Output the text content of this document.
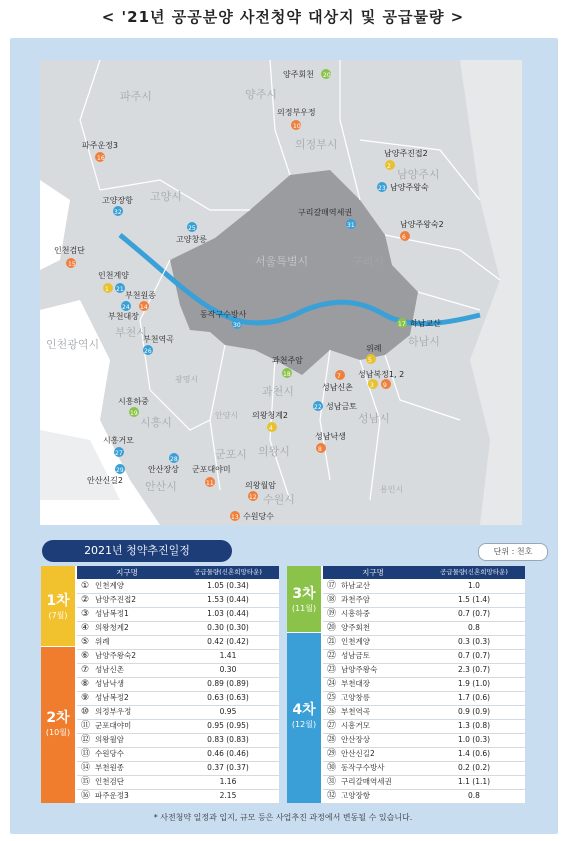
< '21년 공공분양 사전청약 대상지 및 공급물량 >
파주시	양주시
의정부시
남양주시
고양시
서울특별시	구리시
하남시
인천광역시
부천시
광명시
시흥시
안산시
군포시 의왕시
안양시
과천시
성남시
수원시
용인시
양주회천 20
의정부우정
10
파주운정3
16
남양주진접2
2
남양주왕숙
23
고양장항
32	구리갈매역세권
31
고양창릉
25	남양주왕숙2
6
인천검단
15
인천계양
1 21
부천원종
14
부천대장
24
하남교산
17
동작구수방사
30
부천역곡
26	위례
5
과천주암
18	7 성남복정1, 2
3 9
성남신촌
시흥하중
19
성남금토
22
의왕청계2
4
성남낙생
8
시흥거모
27
안산장상
28
안산신길2
29	군포대야미
11	의왕월암
12
수원당수
13
2021년 청약추진일정	단위 : 천호
지구명	공급물량(신혼희망타운)
1차
(7월)
2차
(10월)
① 인천계양	1.05 (0.34)
② 남양주진접2	1.53 (0.44)
③ 성남복정1	1.03 (0.44)
④ 의왕청계2	0.30 (0.30)
⑤ 위례	0.42 (0.42)
⑥ 남양주왕숙2	1.41
⑦ 성남신촌	0.30
⑧ 성남낙생	0.89 (0.89)
⑨ 성남복정2	0.63 (0.63)
⑩ 의정부우정	0.95
⑪ 군포대야미	0.95 (0.95)
⑫ 의왕월암	0.83 (0.83)
⑬ 수원당수	0.46 (0.46)
⑭ 부천원종	0.37 (0.37)
⑮ 인천검단	1.16
⑯ 파주운정3	2.15
지구명	공급물량(신혼희망타운)
3차
(11월)
4차
(12월)
⑰ 하남교산	1.0
⑱ 과천주암	1.5 (1.4)
⑲ 시흥하중	0.7 (0.7)
⑳ 양주회천	0.8
㉑ 인천계양	0.3 (0.3)
㉒ 성남금토	0.7 (0.7)
㉓ 남양주왕숙	2.3 (0.7)
㉔ 부천대장	1.9 (1.0)
㉕ 고양창릉	1.7 (0.6)
㉖ 부천역곡	0.9 (0.9)
㉗ 시흥거모	1.3 (0.8)
㉘ 안산장상	1.0 (0.3)
㉙ 안산신길2	1.4 (0.6)
㉚ 동작구수방사	0.2 (0.2)
㉛ 구리갈매역세권	1.1 (1.1)
㉜ 고양장항	0.8
* 사전청약 일정과 입지, 규모 등은 사업추진 과정에서 변동될 수 있습니다.
